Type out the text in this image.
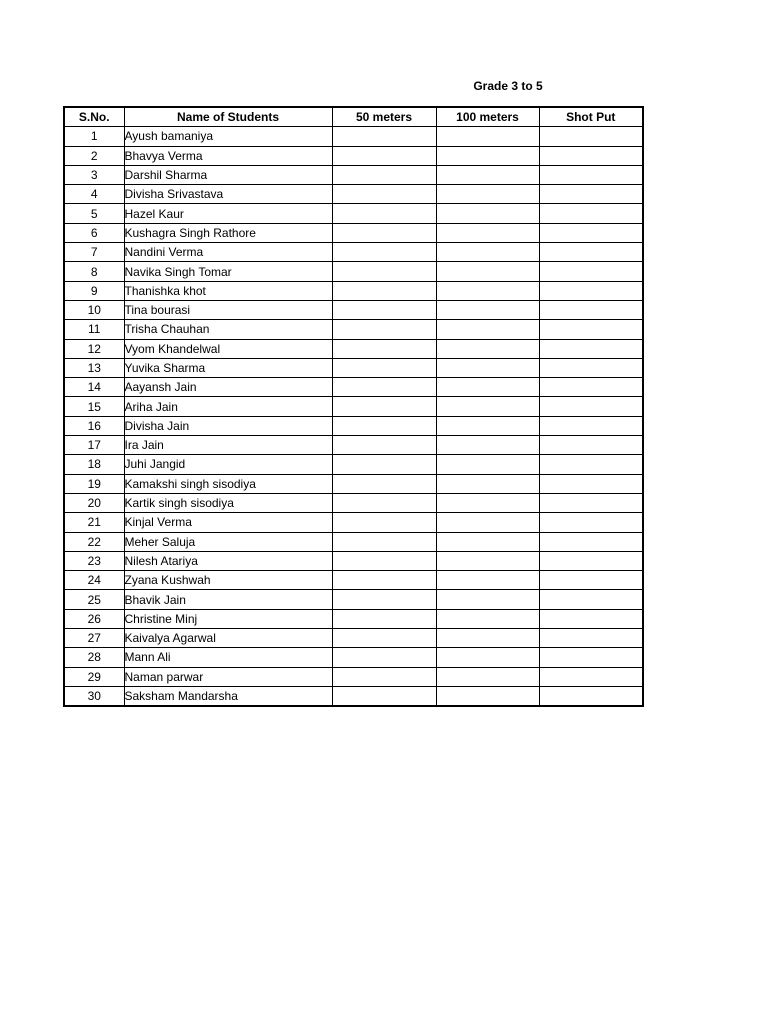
Grade 3 to 5
S.No.	Name of Students	50 meters	100 meters	Shot Put
1	Ayush bamaniya			
2	Bhavya Verma			
3	Darshil Sharma			
4	Divisha Srivastava			
5	Hazel Kaur			
6	Kushagra Singh Rathore			
7	Nandini Verma			
8	Navika Singh Tomar			
9	Thanishka khot			
10	Tina bourasi			
11	Trisha Chauhan			
12	Vyom Khandelwal			
13	Yuvika Sharma			
14	Aayansh Jain			
15	Ariha Jain			
16	Divisha Jain			
17	Ira Jain			
18	Juhi Jangid			
19	Kamakshi singh sisodiya			
20	Kartik singh sisodiya			
21	Kinjal Verma			
22	Meher Saluja			
23	Nilesh Atariya			
24	Zyana Kushwah			
25	Bhavik Jain			
26	Christine Minj			
27	Kaivalya Agarwal			
28	Mann Ali			
29	Naman parwar			
30	Saksham Mandarsha			
